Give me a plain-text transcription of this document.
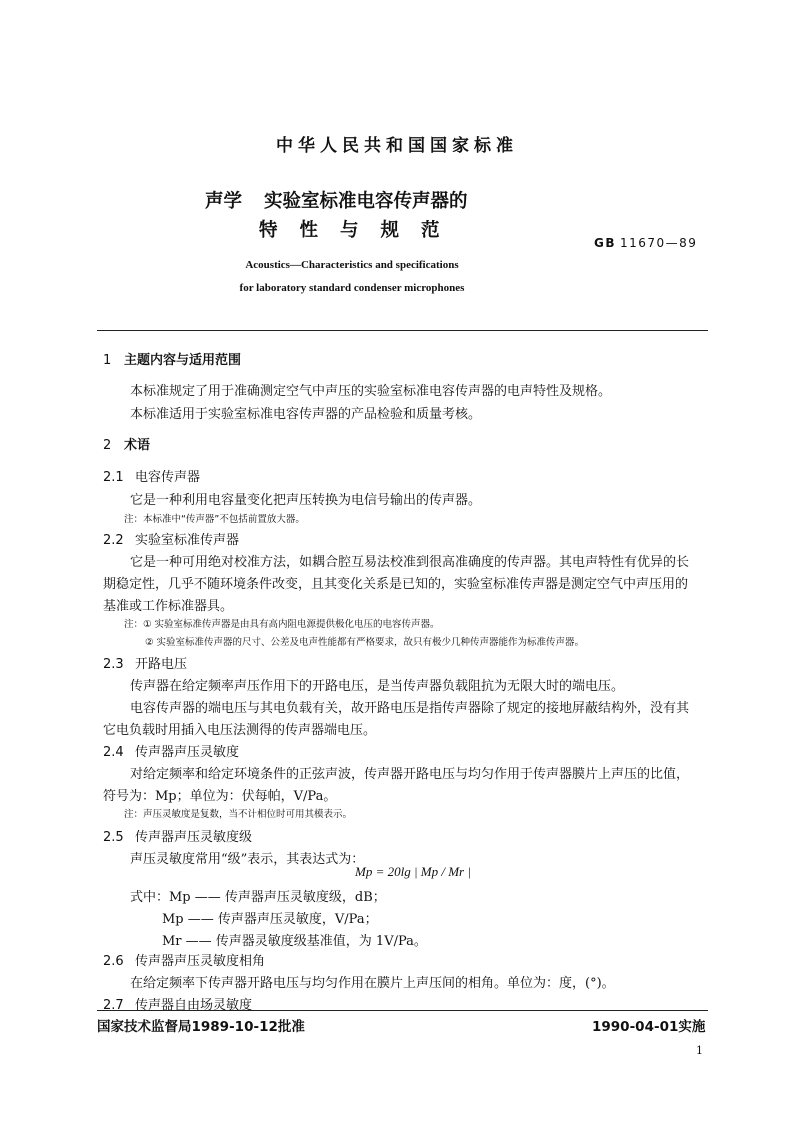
中华人民共和国国家标准
声学 实验室标准电容传声器的
特性与规范
GB 11670—89
Acoustics—Characteristics and specifications
for laboratory standard condenser microphones
1 主题内容与适用范围
本标准规定了用于准确测定空气中声压的实验室标准电容传声器的电声特性及规格。
本标准适用于实验室标准电容传声器的产品检验和质量考核。
2 术语
2.1 电容传声器
它是一种利用电容量变化把声压转换为电信号输出的传声器。
注：本标准中“传声器”不包括前置放大器。
2.2 实验室标准传声器
它是一种可用绝对校准方法，如耦合腔互易法校准到很高准确度的传声器。其电声特性有优异的长
期稳定性，几乎不随环境条件改变，且其变化关系是已知的，实验室标准传声器是测定空气中声压用的
基准或工作标准器具。
注：① 实验室标准传声器是由具有高内阻电源提供极化电压的电容传声器。
② 实验室标准传声器的尺寸、公差及电声性能都有严格要求，故只有极少几种传声器能作为标准传声器。
2.3 开路电压
传声器在给定频率声压作用下的开路电压，是当传声器负载阻抗为无限大时的端电压。
电容传声器的端电压与其电负载有关，故开路电压是指传声器除了规定的接地屏蔽结构外，没有其
它电负载时用插入电压法测得的传声器端电压。
2.4 传声器声压灵敏度
对给定频率和给定环境条件的正弦声波，传声器开路电压与均匀作用于传声器膜片上声压的比值，
符号为：Mp；单位为：伏每帕，V/Pa。
注：声压灵敏度是复数，当不计相位时可用其模表示。
2.5 传声器声压灵敏度级
声压灵敏度常用“级”表示，其表达式为：
Mp = 20lg | Mp / Mr |
式中：Mp —— 传声器声压灵敏度级，dB；
Mp —— 传声器声压灵敏度，V/Pa；
Mr —— 传声器灵敏度级基准值，为 1V/Pa。
2.6 传声器声压灵敏度相角
在给定频率下传声器开路电压与均匀作用在膜片上声压间的相角。单位为：度，(°)。
2.7 传声器自由场灵敏度
国家技术监督局1989-10-12批准	1990-04-01实施
1
